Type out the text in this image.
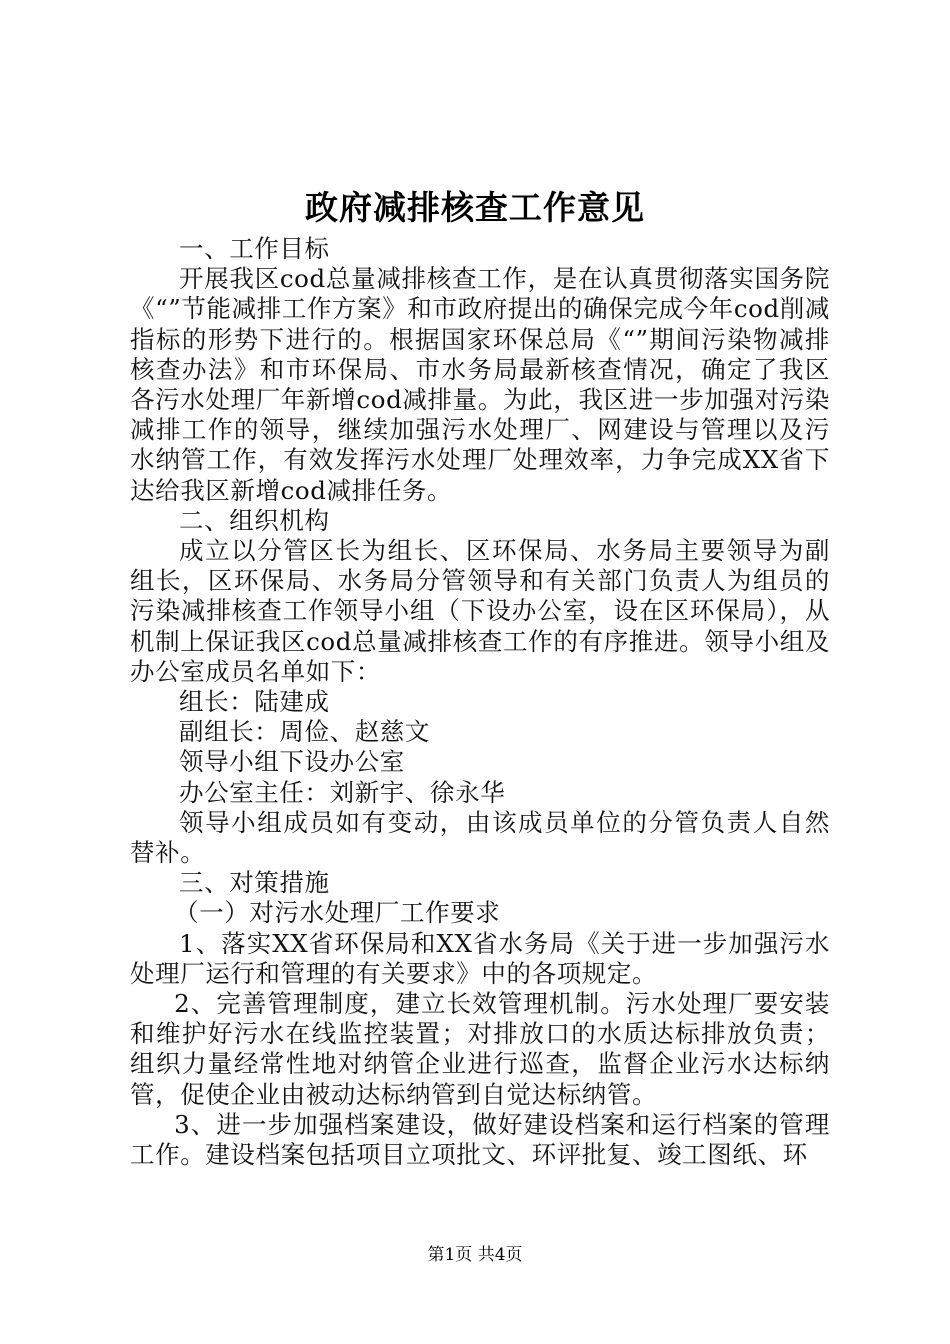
政府减排核查工作意见

一、工作目标

开展我区cod总量减排核查工作，是在认真贯彻落实国务院《“”节能减排工作方案》和市政府提出的确保完成今年cod削减指标的形势下进行的。根据国家环保总局《“”期间污染物减排核查办法》和市环保局、市水务局最新核查情况，确定了我区各污水处理厂年新增cod减排量。为此，我区进一步加强对污染减排工作的领导，继续加强污水处理厂、网建设与管理以及污水纳管工作，有效发挥污水处理厂处理效率，力争完成XX省下达给我区新增cod减排任务。

二、组织机构

成立以分管区长为组长、区环保局、水务局主要领导为副组长，区环保局、水务局分管领导和有关部门负责人为组员的污染减排核查工作领导小组（下设办公室，设在区环保局），从机制上保证我区cod总量减排核查工作的有序推进。领导小组及办公室成员名单如下：

组长：陆建成

副组长：周俭、赵慈文

领导小组下设办公室

办公室主任：刘新宇、徐永华

领导小组成员如有变动，由该成员单位的分管负责人自然替补。

三、对策措施

（一）对污水处理厂工作要求

1、落实XX省环保局和XX省水务局《关于进一步加强污水处理厂运行和管理的有关要求》中的各项规定。

2、完善管理制度，建立长效管理机制。污水处理厂要安装和维护好污水在线监控装置；对排放口的水质达标排放负责；组织力量经常性地对纳管企业进行巡查，监督企业污水达标纳管，促使企业由被动达标纳管到自觉达标纳管。

3、进一步加强档案建设，做好建设档案和运行档案的管理工作。建设档案包括项目立项批文、环评批复、竣工图纸、环

第1页 共4页
